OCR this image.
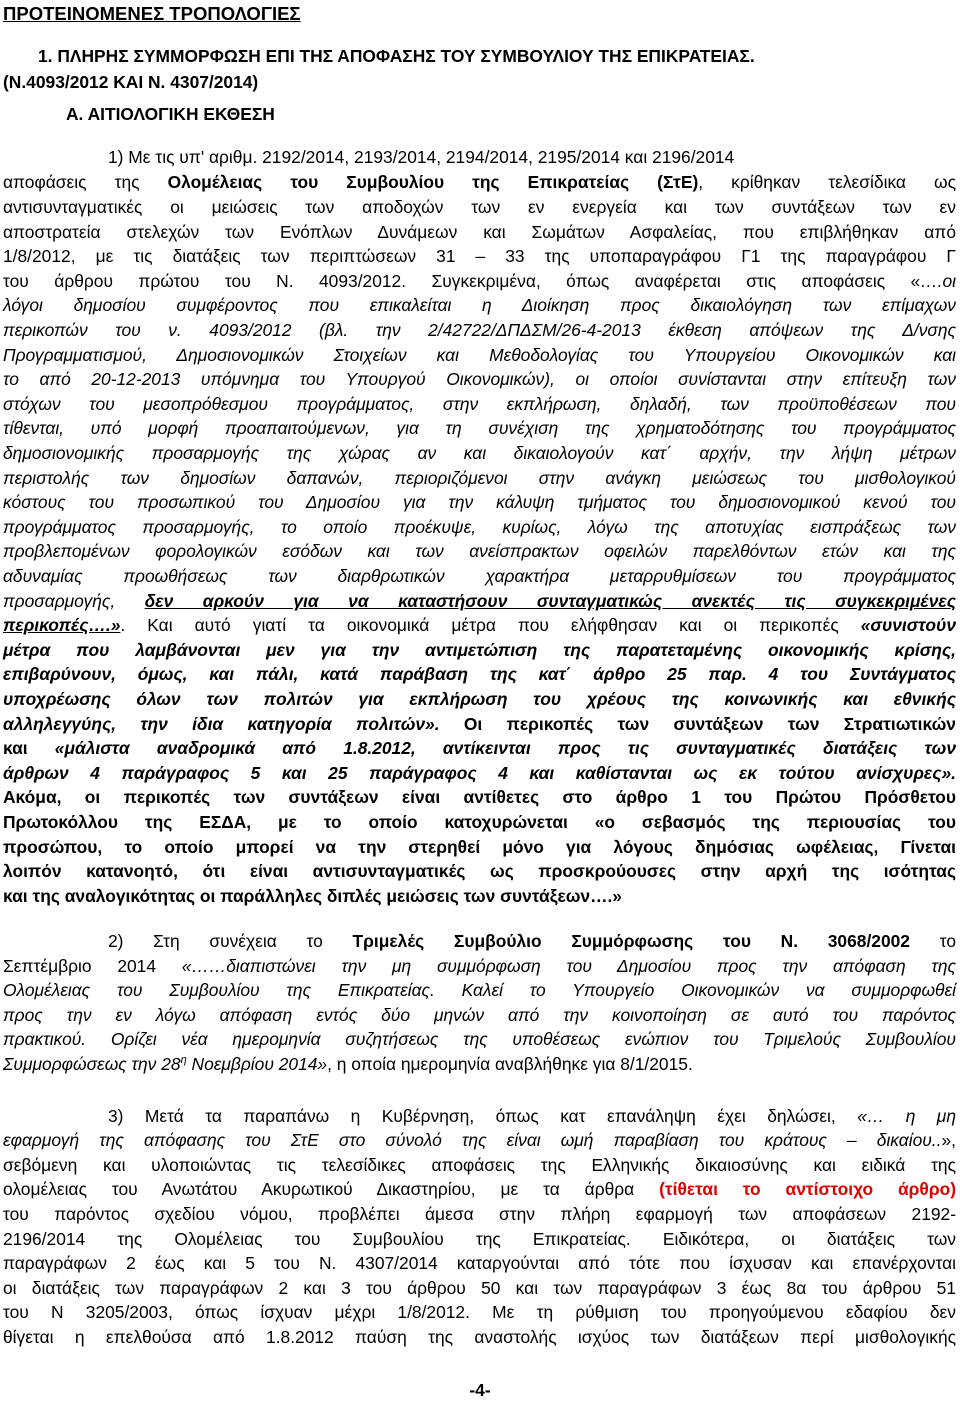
ΠΡΟΤΕΙΝΟΜΕΝΕΣ ΤΡΟΠΟΛΟΓΙΕΣ
1. ΠΛΗΡΗΣ ΣΥΜΜΟΡΦΩΣΗ ΕΠΙ ΤΗΣ ΑΠΟΦΑΣΗΣ ΤΟΥ ΣΥΜΒΟΥΛΙΟΥ ΤΗΣ ΕΠΙΚΡΑΤΕΙΑΣ.
(Ν.4093/2012 ΚΑΙ Ν. 4307/2014)
Α. ΑΙΤΙΟΛΟΓΙΚΗ ΕΚΘΕΣΗ
1) Με τις υπ' αριθμ. 2192/2014, 2193/2014, 2194/2014, 2195/2014 και 2196/2014
αποφάσεις της Ολομέλειας του Συμβουλίου της Επικρατείας (ΣτΕ), κρίθηκαν τελεσίδικα ως
αντισυνταγματικές οι μειώσεις των αποδοχών των εν ενεργεία και των συντάξεων των εν
αποστρατεία στελεχών των Ενόπλων Δυνάμεων και Σωμάτων Ασφαλείας, που επιβλήθηκαν από
1/8/2012, με τις διατάξεις των περιπτώσεων 31 – 33 της υποπαραγράφου Γ1 της παραγράφου Γ
του άρθρου πρώτου του Ν. 4093/2012. Συγκεκριμένα, όπως αναφέρεται στις αποφάσεις «….οι
λόγοι δημοσίου συμφέροντος που επικαλείται η Διοίκηση προς δικαιολόγηση των επίμαχων
περικοπών του ν. 4093/2012 (βλ. την 2/42722/ΔΠΔΣΜ/26-4-2013 έκθεση απόψεων της Δ/νσης
Προγραμματισμού, Δημοσιονομικών Στοιχείων και Μεθοδολογίας του Υπουργείου Οικονομικών και
το από 20-12-2013 υπόμνημα του Υπουργού Οικονομικών), οι οποίοι συνίστανται στην επίτευξη των
στόχων του μεσοπρόθεσμου προγράμματος, στην εκπλήρωση, δηλαδή, των προϋποθέσεων που
τίθενται, υπό μορφή προαπαιτούμενων, για τη συνέχιση της χρηματοδότησης του προγράμματος
δημοσιονομικής προσαρμογής της χώρας αν και δικαιολογούν κατ΄ αρχήν, την λήψη μέτρων
περιστολής των δημοσίων δαπανών, περιοριζόμενοι στην ανάγκη μειώσεως του μισθολογικού
κόστους του προσωπικού του Δημοσίου για την κάλυψη τμήματος του δημοσιονομικού κενού του
προγράμματος προσαρμογής, το οποίο προέκυψε, κυρίως, λόγω της αποτυχίας εισπράξεως των
προβλεπομένων φορολογικών εσόδων και των ανείσπρακτων οφειλών παρελθόντων ετών και της
αδυναμίας προωθήσεως των διαρθρωτικών χαρακτήρα μεταρρυθμίσεων του προγράμματος
προσαρμογής, δεν αρκούν για να καταστήσουν συνταγματικώς ανεκτές τις συγκεκριμένες
περικοπές….». Και αυτό γιατί τα οικονομικά μέτρα που ελήφθησαν και οι περικοπές «συνιστούν
μέτρα που λαμβάνονται μεν για την αντιμετώπιση της παρατεταμένης οικονομικής κρίσης,
επιβαρύνουν, όμως, και πάλι, κατά παράβαση της κατ΄ άρθρο 25 παρ. 4 του Συντάγματος
υποχρέωσης όλων των πολιτών για εκπλήρωση του χρέους της κοινωνικής και εθνικής
αλληλεγγύης, την ίδια κατηγορία πολιτών». Οι περικοπές των συντάξεων των Στρατιωτικών
και «μάλιστα αναδρομικά από 1.8.2012, αντίκεινται προς τις συνταγματικές διατάξεις των
άρθρων 4 παράγραφος 5 και 25 παράγραφος 4 και καθίστανται ως εκ τούτου ανίσχυρες».
Ακόμα, οι περικοπές των συντάξεων είναι αντίθετες στο άρθρο 1 του Πρώτου Πρόσθετου
Πρωτοκόλλου της ΕΣΔΑ, με το οποίο κατοχυρώνεται «ο σεβασμός της περιουσίας του
προσώπου, το οποίο μπορεί να την στερηθεί μόνο για λόγους δημόσιας ωφέλειας, Γίνεται
λοιπόν κατανοητό, ότι είναι αντισυνταγματικές ως προσκρούουσες στην αρχή της ισότητας
και της αναλογικότητας οι παράλληλες διπλές μειώσεις των συντάξεων….»
2) Στη συνέχεια το Τριμελές Συμβούλιο Συμμόρφωσης του Ν. 3068/2002 το
Σεπτέμβριο 2014 «……διαπιστώνει την μη συμμόρφωση του Δημοσίου προς την απόφαση της
Ολομέλειας του Συμβουλίου της Επικρατείας. Καλεί το Υπουργείο Οικονομικών να συμμορφωθεί
προς την εν λόγω απόφαση εντός δύο μηνών από την κοινοποίηση σε αυτό του παρόντος
πρακτικού. Ορίζει νέα ημερομηνία συζητήσεως της υποθέσεως ενώπιον του Τριμελούς Συμβουλίου
Συμμορφώσεως την $28^\eta$ Νοεμβρίου 2014», η οποία ημερομηνία αναβλήθηκε για 8/1/2015.
3) Μετά τα παραπάνω η Κυβέρνηση, όπως κατ επανάληψη έχει δηλώσει, «… η μη
εφαρμογή της απόφασης του ΣτΕ στο σύνολό της είναι ωμή παραβίαση του κράτους – δικαίου..»,
σεβόμενη και υλοποιώντας τις τελεσίδικες αποφάσεις της Ελληνικής δικαιοσύνης και ειδικά της
ολομέλειας του Ανωτάτου Ακυρωτικού Δικαστηρίου, με τα άρθρα (τίθεται το αντίστοιχο άρθρο)
του παρόντος σχεδίου νόμου, προβλέπει άμεσα στην πλήρη εφαρμογή των αποφάσεων 2192-
2196/2014 της Ολομέλειας του Συμβουλίου της Επικρατείας. Ειδικότερα, οι διατάξεις των
παραγράφων 2 έως και 5 του Ν. 4307/2014 καταργούνται από τότε που ίσχυσαν και επανέρχονται
οι διατάξεις των παραγράφων 2 και 3 του άρθρου 50 και των παραγράφων 3 έως 8α του άρθρου 51
του Ν 3205/2003, όπως ίσχυαν μέχρι 1/8/2012. Με τη ρύθμιση του προηγούμενου εδαφίου δεν
θίγεται η επελθούσα από 1.8.2012 παύση της αναστολής ισχύος των διατάξεων περί μισθολογικής
-4-
